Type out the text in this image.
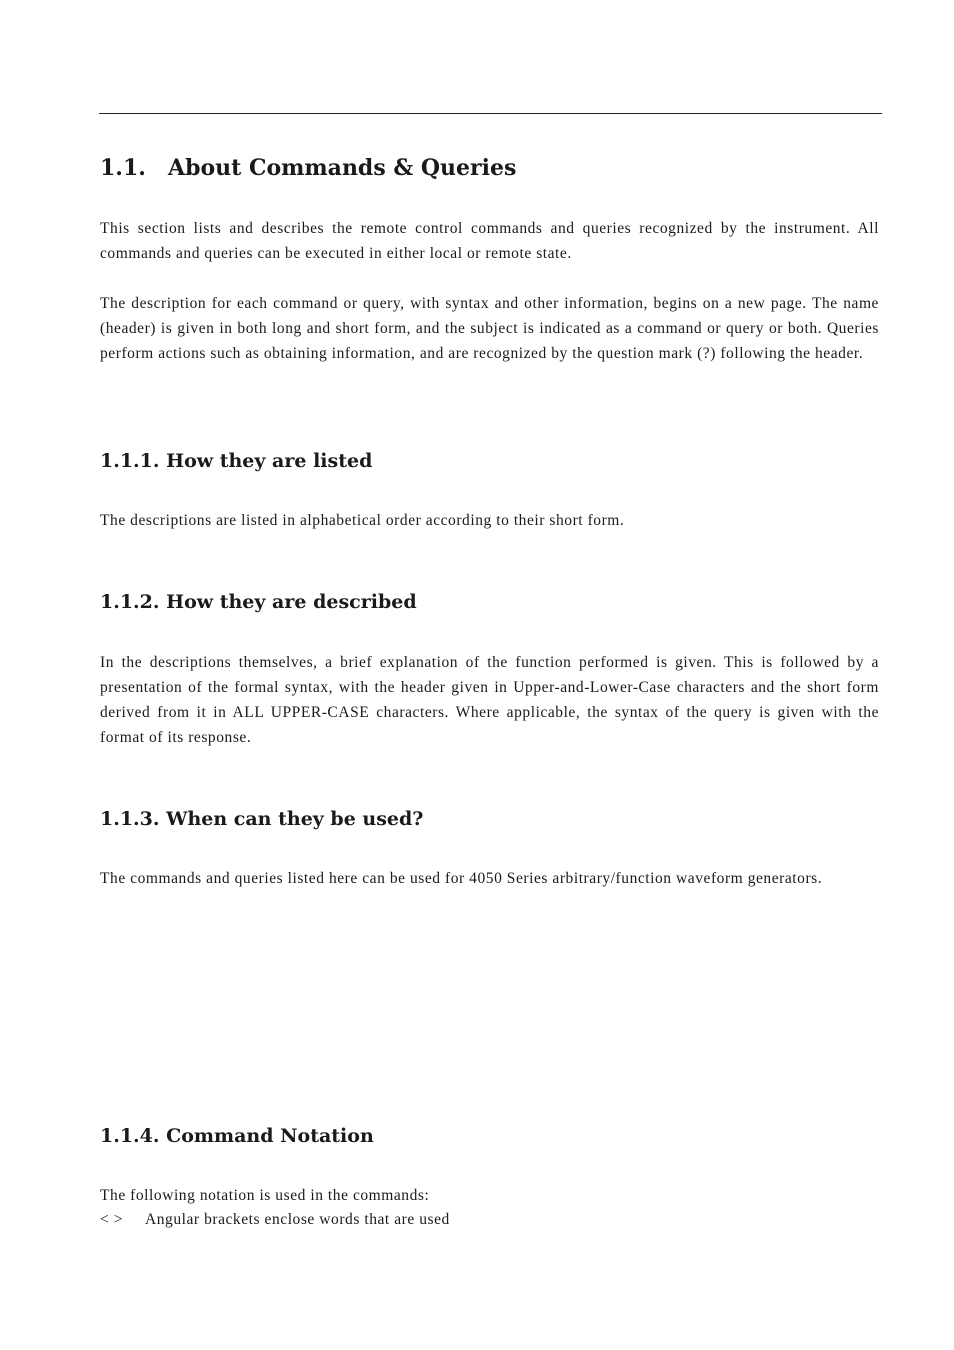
1.1. About Commands & Queries

This section lists and describes the remote control commands and queries recognized by the instrument. All commands and queries can be executed in either local or remote state.

The description for each command or query, with syntax and other information, begins on a new page. The name (header) is given in both long and short form, and the subject is indicated as a command or query or both. Queries perform actions such as obtaining information, and are recognized by the question mark (?) following the header.

1.1.1. How they are listed

The descriptions are listed in alphabetical order according to their short form.

1.1.2. How they are described

In the descriptions themselves, a brief explanation of the function performed is given. This is followed by a presentation of the formal syntax, with the header given in Upper-and-Lower-Case characters and the short form derived from it in ALL UPPER-CASE characters. Where applicable, the syntax of the query is given with the format of its response.

1.1.3. When can they be used?

The commands and queries listed here can be used for 4050 Series arbitrary/function waveform generators.

1.1.4. Command Notation

The following notation is used in the commands:

< > Angular brackets enclose words that are used
